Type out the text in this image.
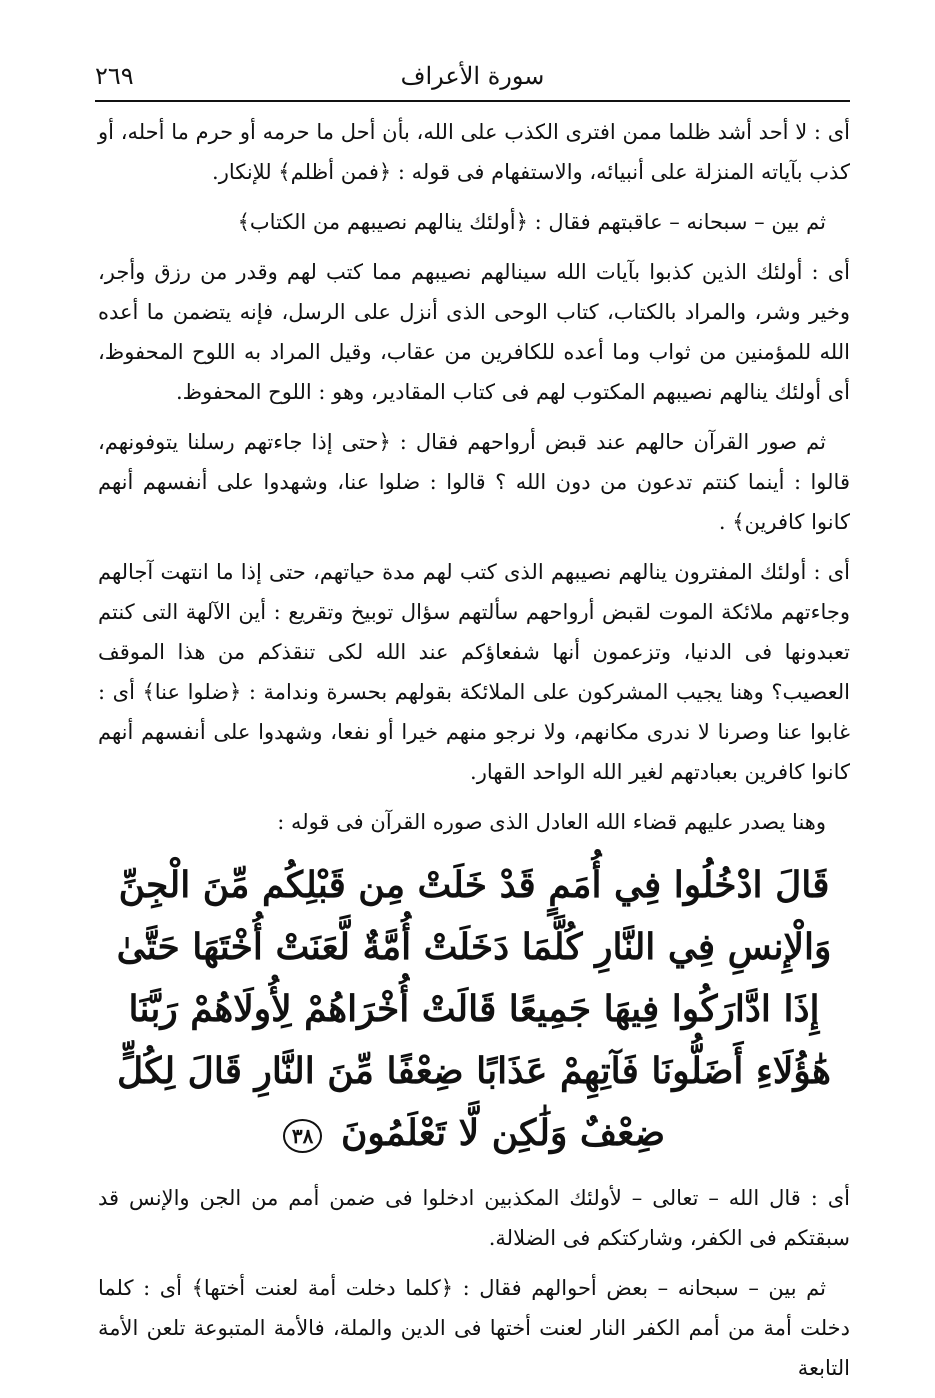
٢٦٩	سورة الأعراف

أى : لا أحد أشد ظلما ممن افترى الكذب على الله، بأن أحل ما حرمه أو حرم ما أحله، أو كذب بآياته المنزلة على أنبيائه، والاستفهام فى قوله : ﴿فمن أظلم﴾ للإنكار.

ثم بين – سبحانه – عاقبتهم فقال : ﴿أولئك ينالهم نصيبهم من الكتاب﴾

أى : أولئك الذين كذبوا بآيات الله سينالهم نصيبهم مما كتب لهم وقدر من رزق وأجر، وخير وشر، والمراد بالكتاب، كتاب الوحى الذى أنزل على الرسل، فإنه يتضمن ما أعده الله للمؤمنين من ثواب وما أعده للكافرين من عقاب، وقيل المراد به اللوح المحفوظ، أى أولئك ينالهم نصيبهم المكتوب لهم فى كتاب المقادير، وهو : اللوح المحفوظ.

ثم صور القرآن حالهم عند قبض أرواحهم فقال : ﴿حتى إذا جاءتهم رسلنا يتوفونهم، قالوا : أينما كنتم تدعون من دون الله ؟ قالوا : ضلوا عنا، وشهدوا على أنفسهم أنهم كانوا كافرين﴾ .

أى : أولئك المفترون ينالهم نصيبهم الذى كتب لهم مدة حياتهم، حتى إذا ما انتهت آجالهم وجاءتهم ملائكة الموت لقبض أرواحهم سألتهم سؤال توبيخ وتقريع : أين الآلهة التى كنتم تعبدونها فى الدنيا، وتزعمون أنها شفعاؤكم عند الله لكى تنقذكم من هذا الموقف العصيب؟ وهنا يجيب المشركون على الملائكة بقولهم بحسرة وندامة : ﴿ضلوا عنا﴾ أى : غابوا عنا وصرنا لا ندرى مكانهم، ولا نرجو منهم خيرا أو نفعا، وشهدوا على أنفسهم أنهم كانوا كافرين بعبادتهم لغير الله الواحد القهار.

وهنا يصدر عليهم قضاء الله العادل الذى صوره القرآن فى قوله :

قَالَ ادْخُلُوا فِي أُمَمٍ قَدْ خَلَتْ مِن قَبْلِكُم مِّنَ الْجِنِّ وَالْإِنسِ فِي النَّارِ كُلَّمَا دَخَلَتْ أُمَّةٌ لَّعَنَتْ أُخْتَهَا حَتَّىٰ إِذَا ادَّارَكُوا فِيهَا جَمِيعًا قَالَتْ أُخْرَاهُمْ لِأُولَاهُمْ رَبَّنَا هَٰؤُلَاءِ أَضَلُّونَا فَآتِهِمْ عَذَابًا ضِعْفًا مِّنَ النَّارِ قَالَ لِكُلٍّ ضِعْفٌ وَلَٰكِن لَّا تَعْلَمُونَ ٣٨

أى : قال الله – تعالى – لأولئك المكذبين ادخلوا فى ضمن أمم من الجن والإنس قد سبقتكم فى الكفر، وشاركتكم فى الضلالة.

ثم بين – سبحانه – بعض أحوالهم فقال : ﴿كلما دخلت أمة لعنت أختها﴾ أى : كلما دخلت أمة من أمم الكفر النار لعنت أختها فى الدين والملة، فالأمة المتبوعة تلعن الأمة التابعة
